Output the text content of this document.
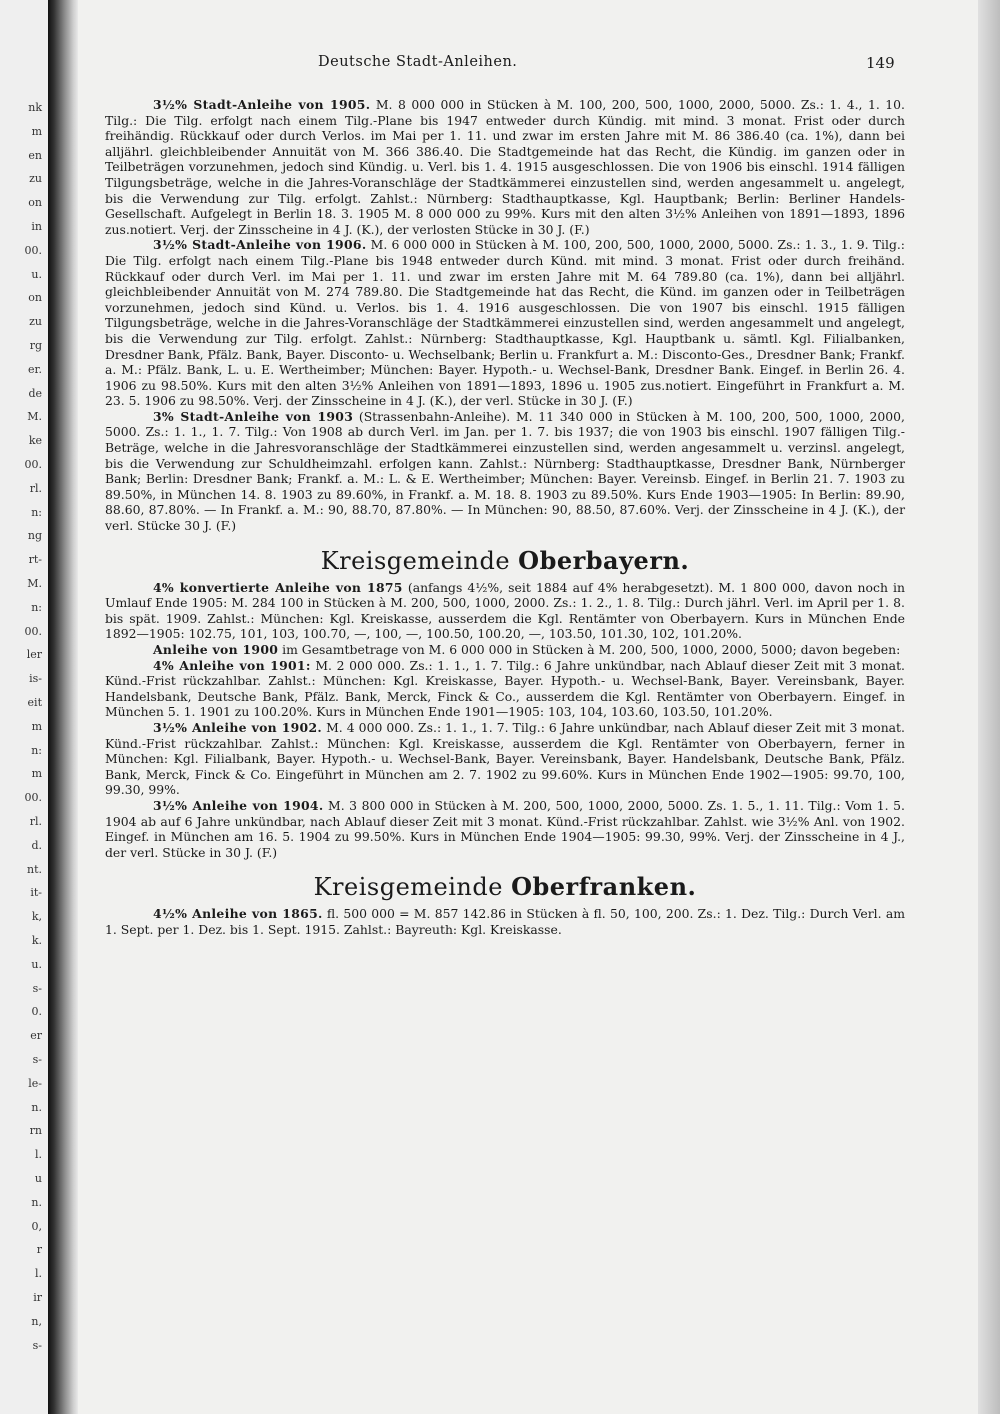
nk
m
en
zu
on
in
00.
u.
on
zu
rg
er.
de
M.
ke
00.
rl.
n:
ng
rt-
M.
n:
00.
ler
is-
eit
m
n:
m
00.
rl.
d.
nt.
it-
k,
k.
u.
s-
0.
er
s-
le-
n.
rn
l.
u
n.
0,
r
l.
ir
n,
s-
Deutsche Stadt-Anleihen.	149

3½% Stadt-Anleihe von 1905. M. 8 000 000 in Stücken à M. 100, 200, 500, 1000, 2000, 5000. Zs.: 1. 4., 1. 10. Tilg.: Die Tilg. erfolgt nach einem Tilg.-Plane bis 1947 entweder durch Kündig. mit mind. 3 monat. Frist oder durch freihändig. Rückkauf oder durch Verlos. im Mai per 1. 11. und zwar im ersten Jahre mit M. 86 386.40 (ca. 1%), dann bei alljährl. gleichbleibender Annuität von M. 366 386.40. Die Stadtgemeinde hat das Recht, die Kündig. im ganzen oder in Teilbeträgen vorzunehmen, jedoch sind Kündig. u. Verl. bis 1. 4. 1915 ausgeschlossen. Die von 1906 bis einschl. 1914 fälligen Tilgungsbeträge, welche in die Jahres-Voranschläge der Stadtkämmerei einzustellen sind, werden angesammelt u. angelegt, bis die Verwendung zur Tilg. erfolgt. Zahlst.: Nürnberg: Stadthauptkasse, Kgl. Hauptbank; Berlin: Berliner Handels-Gesellschaft. Aufgelegt in Berlin 18. 3. 1905 M. 8 000 000 zu 99%. Kurs mit den alten 3½% Anleihen von 1891—1893, 1896 zus.notiert. Verj. der Zinsscheine in 4 J. (K.), der verlosten Stücke in 30 J. (F.)

3½% Stadt-Anleihe von 1906. M. 6 000 000 in Stücken à M. 100, 200, 500, 1000, 2000, 5000. Zs.: 1. 3., 1. 9. Tilg.: Die Tilg. erfolgt nach einem Tilg.-Plane bis 1948 entweder durch Künd. mit mind. 3 monat. Frist oder durch freihänd. Rückkauf oder durch Verl. im Mai per 1. 11. und zwar im ersten Jahre mit M. 64 789.80 (ca. 1%), dann bei alljährl. gleichbleibender Annuität von M. 274 789.80. Die Stadtgemeinde hat das Recht, die Künd. im ganzen oder in Teilbeträgen vorzunehmen, jedoch sind Künd. u. Verlos. bis 1. 4. 1916 ausgeschlossen. Die von 1907 bis einschl. 1915 fälligen Tilgungsbeträge, welche in die Jahres-Voranschläge der Stadtkämmerei einzustellen sind, werden angesammelt und angelegt, bis die Verwendung zur Tilg. erfolgt. Zahlst.: Nürnberg: Stadthauptkasse, Kgl. Hauptbank u. sämtl. Kgl. Filialbanken, Dresdner Bank, Pfälz. Bank, Bayer. Disconto- u. Wechselbank; Berlin u. Frankfurt a. M.: Disconto-Ges., Dresdner Bank; Frankf. a. M.: Pfälz. Bank, L. u. E. Wertheimber; München: Bayer. Hypoth.- u. Wechsel-Bank, Dresdner Bank. Eingef. in Berlin 26. 4. 1906 zu 98.50%. Kurs mit den alten 3½% Anleihen von 1891—1893, 1896 u. 1905 zus.notiert. Eingeführt in Frankfurt a. M. 23. 5. 1906 zu 98.50%. Verj. der Zinsscheine in 4 J. (K.), der verl. Stücke in 30 J. (F.)

3% Stadt-Anleihe von 1903 (Strassenbahn-Anleihe). M. 11 340 000 in Stücken à M. 100, 200, 500, 1000, 2000, 5000. Zs.: 1. 1., 1. 7. Tilg.: Von 1908 ab durch Verl. im Jan. per 1. 7. bis 1937; die von 1903 bis einschl. 1907 fälligen Tilg.-Beträge, welche in die Jahresvoranschläge der Stadtkämmerei einzustellen sind, werden angesammelt u. verzinsl. angelegt, bis die Verwendung zur Schuldheimzahl. erfolgen kann. Zahlst.: Nürnberg: Stadthauptkasse, Dresdner Bank, Nürnberger Bank; Berlin: Dresdner Bank; Frankf. a. M.: L. & E. Wertheimber; München: Bayer. Vereinsb. Eingef. in Berlin 21. 7. 1903 zu 89.50%, in München 14. 8. 1903 zu 89.60%, in Frankf. a. M. 18. 8. 1903 zu 89.50%. Kurs Ende 1903—1905: In Berlin: 89.90, 88.60, 87.80%. — In Frankf. a. M.: 90, 88.70, 87.80%. — In München: 90, 88.50, 87.60%. Verj. der Zinsscheine in 4 J. (K.), der verl. Stücke 30 J. (F.)

Kreisgemeinde Oberbayern.

4% konvertierte Anleihe von 1875 (anfangs 4½%, seit 1884 auf 4% herabgesetzt). M. 1 800 000, davon noch in Umlauf Ende 1905: M. 284 100 in Stücken à M. 200, 500, 1000, 2000. Zs.: 1. 2., 1. 8. Tilg.: Durch jährl. Verl. im April per 1. 8. bis spät. 1909. Zahlst.: München: Kgl. Kreiskasse, ausserdem die Kgl. Rentämter von Oberbayern. Kurs in München Ende 1892—1905: 102.75, 101, 103, 100.70, —, 100, —, 100.50, 100.20, —, 103.50, 101.30, 102, 101.20%.

Anleihe von 1900 im Gesamtbetrage von M. 6 000 000 in Stücken à M. 200, 500, 1000, 2000, 5000; davon begeben:

4% Anleihe von 1901: M. 2 000 000. Zs.: 1. 1., 1. 7. Tilg.: 6 Jahre unkündbar, nach Ablauf dieser Zeit mit 3 monat. Künd.-Frist rückzahlbar. Zahlst.: München: Kgl. Kreiskasse, Bayer. Hypoth.- u. Wechsel-Bank, Bayer. Vereinsbank, Bayer. Handelsbank, Deutsche Bank, Pfälz. Bank, Merck, Finck & Co., ausserdem die Kgl. Rentämter von Oberbayern. Eingef. in München 5. 1. 1901 zu 100.20%. Kurs in München Ende 1901—1905: 103, 104, 103.60, 103.50, 101.20%.

3½% Anleihe von 1902. M. 4 000 000. Zs.: 1. 1., 1. 7. Tilg.: 6 Jahre unkündbar, nach Ablauf dieser Zeit mit 3 monat. Künd.-Frist rückzahlbar. Zahlst.: München: Kgl. Kreiskasse, ausserdem die Kgl. Rentämter von Oberbayern, ferner in München: Kgl. Filialbank, Bayer. Hypoth.- u. Wechsel-Bank, Bayer. Vereinsbank, Bayer. Handelsbank, Deutsche Bank, Pfälz. Bank, Merck, Finck & Co. Eingeführt in München am 2. 7. 1902 zu 99.60%. Kurs in München Ende 1902—1905: 99.70, 100, 99.30, 99%.

3½% Anleihe von 1904. M. 3 800 000 in Stücken à M. 200, 500, 1000, 2000, 5000. Zs. 1. 5., 1. 11. Tilg.: Vom 1. 5. 1904 ab auf 6 Jahre unkündbar, nach Ablauf dieser Zeit mit 3 monat. Künd.-Frist rückzahlbar. Zahlst. wie 3½% Anl. von 1902. Eingef. in München am 16. 5. 1904 zu 99.50%. Kurs in München Ende 1904—1905: 99.30, 99%. Verj. der Zinsscheine in 4 J., der verl. Stücke in 30 J. (F.)

Kreisgemeinde Oberfranken.

4½% Anleihe von 1865. fl. 500 000 = M. 857 142.86 in Stücken à fl. 50, 100, 200. Zs.: 1. Dez. Tilg.: Durch Verl. am 1. Sept. per 1. Dez. bis 1. Sept. 1915. Zahlst.: Bayreuth: Kgl. Kreiskasse.
